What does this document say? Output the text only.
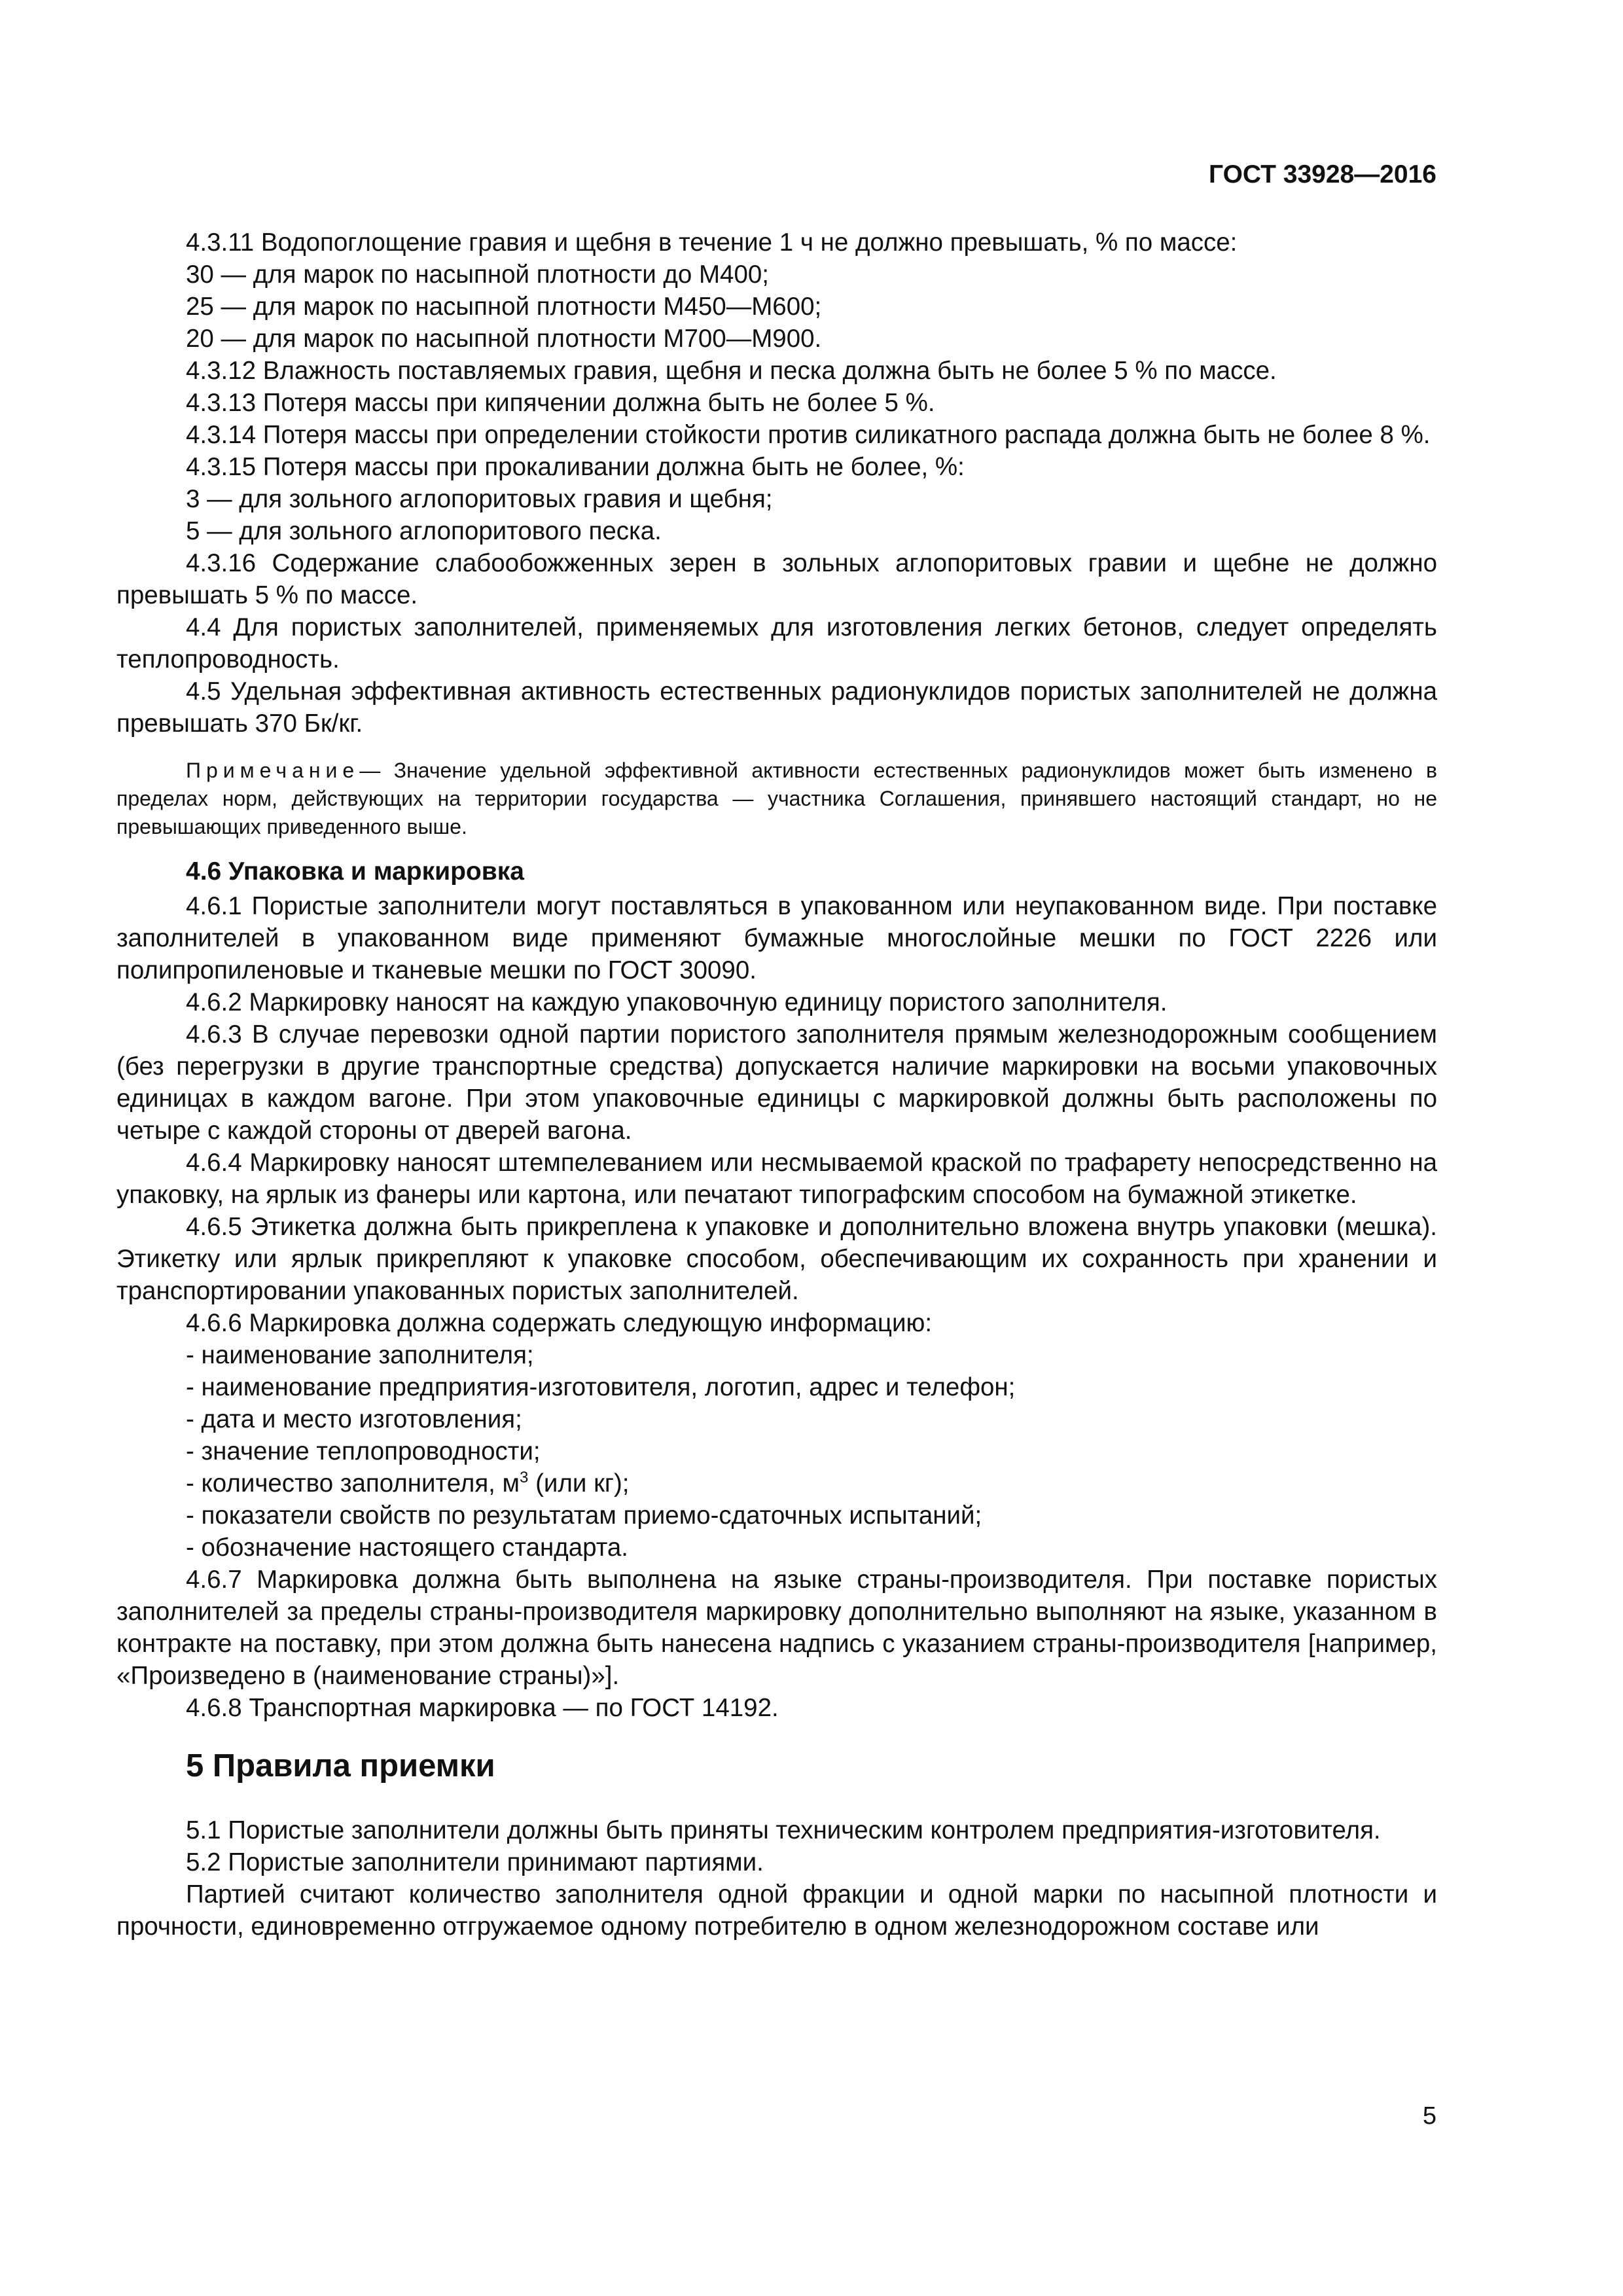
ГОСТ 33928—2016

4.3.11 Водопоглощение гравия и щебня в течение 1 ч не должно превышать, % по массе:

30 — для марок по насыпной плотности до М400;

25 — для марок по насыпной плотности М450—М600;

20 — для марок по насыпной плотности М700—М900.

4.3.12 Влажность поставляемых гравия, щебня и песка должна быть не более 5 % по массе.

4.3.13 Потеря массы при кипячении должна быть не более 5 %.

4.3.14 Потеря массы при определении стойкости против силикатного распада должна быть не более 8 %.

4.3.15 Потеря массы при прокаливании должна быть не более, %:

3 — для зольного аглопоритовых гравия и щебня;

5 — для зольного аглопоритового песка.

4.3.16 Содержание слабообожженных зерен в зольных аглопоритовых гравии и щебне не должно превышать 5 % по массе.

4.4 Для пористых заполнителей, применяемых для изготовления легких бетонов, следует определять теплопроводность.

4.5 Удельная эффективная активность естественных радионуклидов пористых заполнителей не должна превышать 370 Бк/кг.

Примечание— Значение удельной эффективной активности естественных радионуклидов может быть изменено в пределах норм, действующих на территории государства — участника Соглашения, принявшего настоящий стандарт, но не превышающих приведенного выше.

4.6 Упаковка и маркировка

4.6.1 Пористые заполнители могут поставляться в упакованном или неупакованном виде. При поставке заполнителей в упакованном виде применяют бумажные многослойные мешки по ГОСТ 2226 или полипропиленовые и тканевые мешки по ГОСТ 30090.

4.6.2 Маркировку наносят на каждую упаковочную единицу пористого заполнителя.

4.6.3 В случае перевозки одной партии пористого заполнителя прямым железнодорожным сообщением (без перегрузки в другие транспортные средства) допускается наличие маркировки на восьми упаковочных единицах в каждом вагоне. При этом упаковочные единицы с маркировкой должны быть расположены по четыре с каждой стороны от дверей вагона.

4.6.4 Маркировку наносят штемпелеванием или несмываемой краской по трафарету непосредственно на упаковку, на ярлык из фанеры или картона, или печатают типографским способом на бумажной этикетке.

4.6.5 Этикетка должна быть прикреплена к упаковке и дополнительно вложена внутрь упаковки (мешка). Этикетку или ярлык прикрепляют к упаковке способом, обеспечивающим их сохранность при хранении и транспортировании упакованных пористых заполнителей.

4.6.6 Маркировка должна содержать следующую информацию:

- наименование заполнителя;

- наименование предприятия-изготовителя, логотип, адрес и телефон;

- дата и место изготовления;

- значение теплопроводности;

- количество заполнителя, $м^3$ (или кг);

- показатели свойств по результатам приемо-сдаточных испытаний;

- обозначение настоящего стандарта.

4.6.7 Маркировка должна быть выполнена на языке страны-производителя. При поставке пористых заполнителей за пределы страны-производителя маркировку дополнительно выполняют на языке, указанном в контракте на поставку, при этом должна быть нанесена надпись с указанием страны-производителя [например, «Произведено в (наименование страны)»].

4.6.8 Транспортная маркировка — по ГОСТ 14192.

5 Правила приемки

5.1 Пористые заполнители должны быть приняты техническим контролем предприятия-изготовителя.

5.2 Пористые заполнители принимают партиями.

Партией считают количество заполнителя одной фракции и одной марки по насыпной плотности и прочности, единовременно отгружаемое одному потребителю в одном железнодорожном составе или

5
